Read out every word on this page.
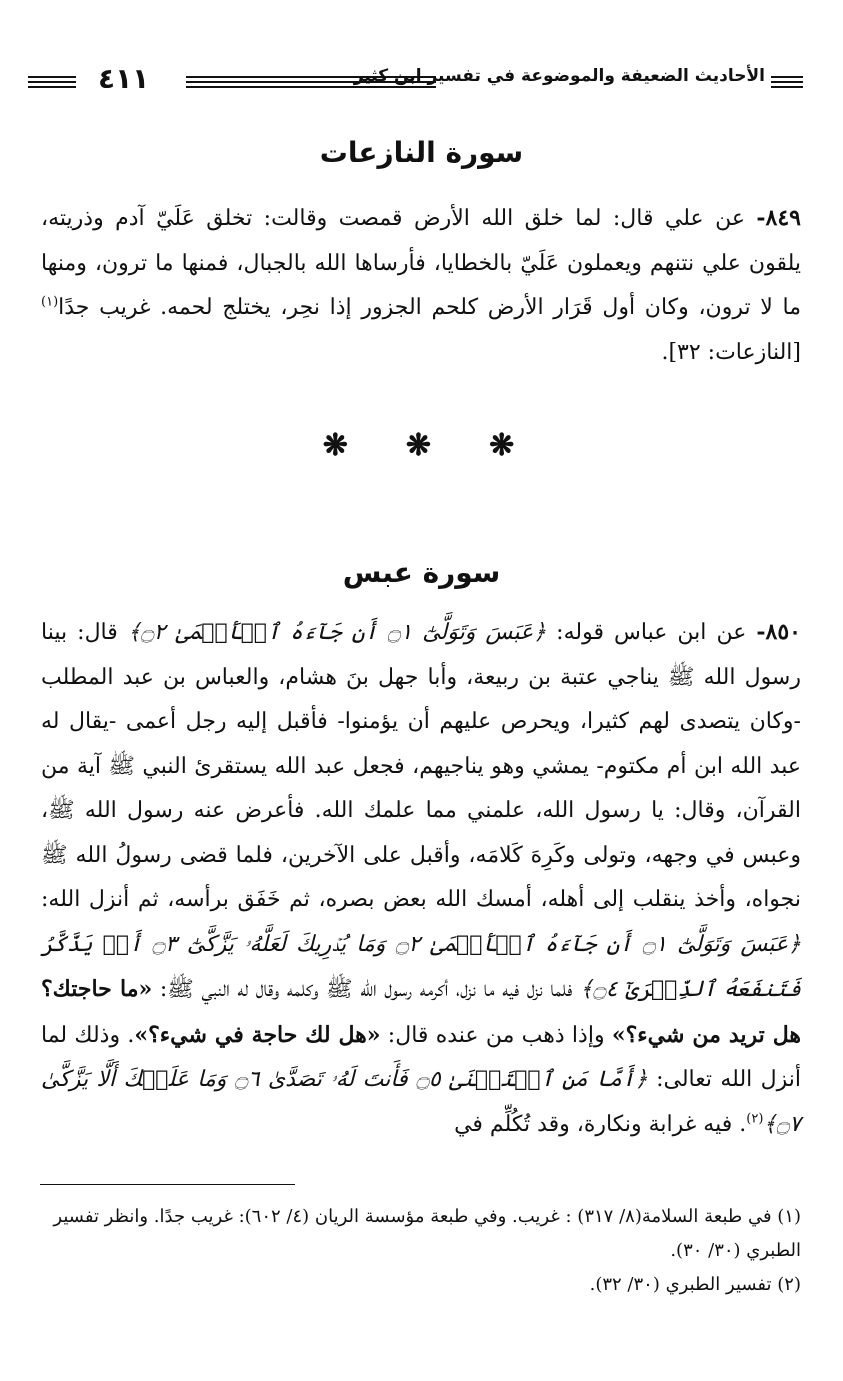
الأحاديث الضعيفة والموضوعة في تفسير ابن كثير
٤١١
سورة النازعات
٨٤٩- عن علي قال: لما خلق الله الأرض قمصت وقالت: تخلق عَلَيّ آدم وذريته، يلقون علي نتنهم ويعملون عَلَيّ بالخطايا، فأرساها الله بالجبال، فمنها ما ترون، ومنها ما لا ترون، وكان أول قَرَار الأرض كلحم الجزور إذا نحِر، يختلج لحمه. غريب جدًا$^{(١)}$ [النازعات: ٣٢].
❋❋❋
سورة عبس
٨٥٠- عن ابن عباس قوله: ﴿عَبَسَ وَتَوَلَّىٰٓ ۝١ أَن جَآءَهُ ٱلۡأَعۡمَىٰ ۝٢﴾ قال: بينا رسول الله ﷺ يناجي عتبة بن ربيعة، وأبا جهل بنَ هشام، والعباس بن عبد المطلب -وكان يتصدى لهم كثيرا، ويحرص عليهم أن يؤمنوا- فأقبل إليه رجل أعمى -يقال له عبد الله ابن أم مكتوم- يمشي وهو يناجيهم، فجعل عبد الله يستقرئ النبي ﷺ آية من القرآن، وقال: يا رسول الله، علمني مما علمك الله. فأعرض عنه رسول الله ﷺ، وعبس في وجهه، وتولى وكَرِهَ كَلامَه، وأقبل على الآخرين، فلما قضى رسولُ الله ﷺ نجواه، وأخذ ينقلب إلى أهله، أمسك الله بعض بصره، ثم خَفَق برأسه، ثم أنزل الله: ﴿عَبَسَ وَتَوَلَّىٰٓ ۝١ أَن جَآءَهُ ٱلۡأَعۡمَىٰ ۝٢ وَمَا يُدۡرِيكَ لَعَلَّهُۥ يَزَّكَّىٰٓ ۝٣ أَوۡ يَذَّكَّرُ فَتَنفَعَهُ ٱلذِّكۡرَىٰٓ ۝٤﴾ فلما نزل فيه ما نزل، أكرمه رسول الله ﷺ وكلمه وقال له النبي ﷺ: «ما حاجتك؟ هل تريد من شيء؟» وإذا ذهب من عنده قال: «هل لك حاجة في شيء؟». وذلك لما أنزل الله تعالى: ﴿أَمَّا مَنِ ٱسۡتَغۡنَىٰ ۝٥ فَأَنتَ لَهُۥ تَصَدَّىٰ ۝٦ وَمَا عَلَيۡكَ أَلَّا يَزَّكَّىٰ ۝٧﴾$^{(٢)}$. فيه غرابة ونكارة، وقد تُكُلِّم في
(١) في طبعة السلامة(٨/ ٣١٧) : غريب. وفي طبعة مؤسسة الريان (٤/ ٦٠٢): غريب جدًا. وانظر تفسير الطبري (٣٠/ ٣٠).
(٢) تفسير الطبري (٣٠/ ٣٢).
